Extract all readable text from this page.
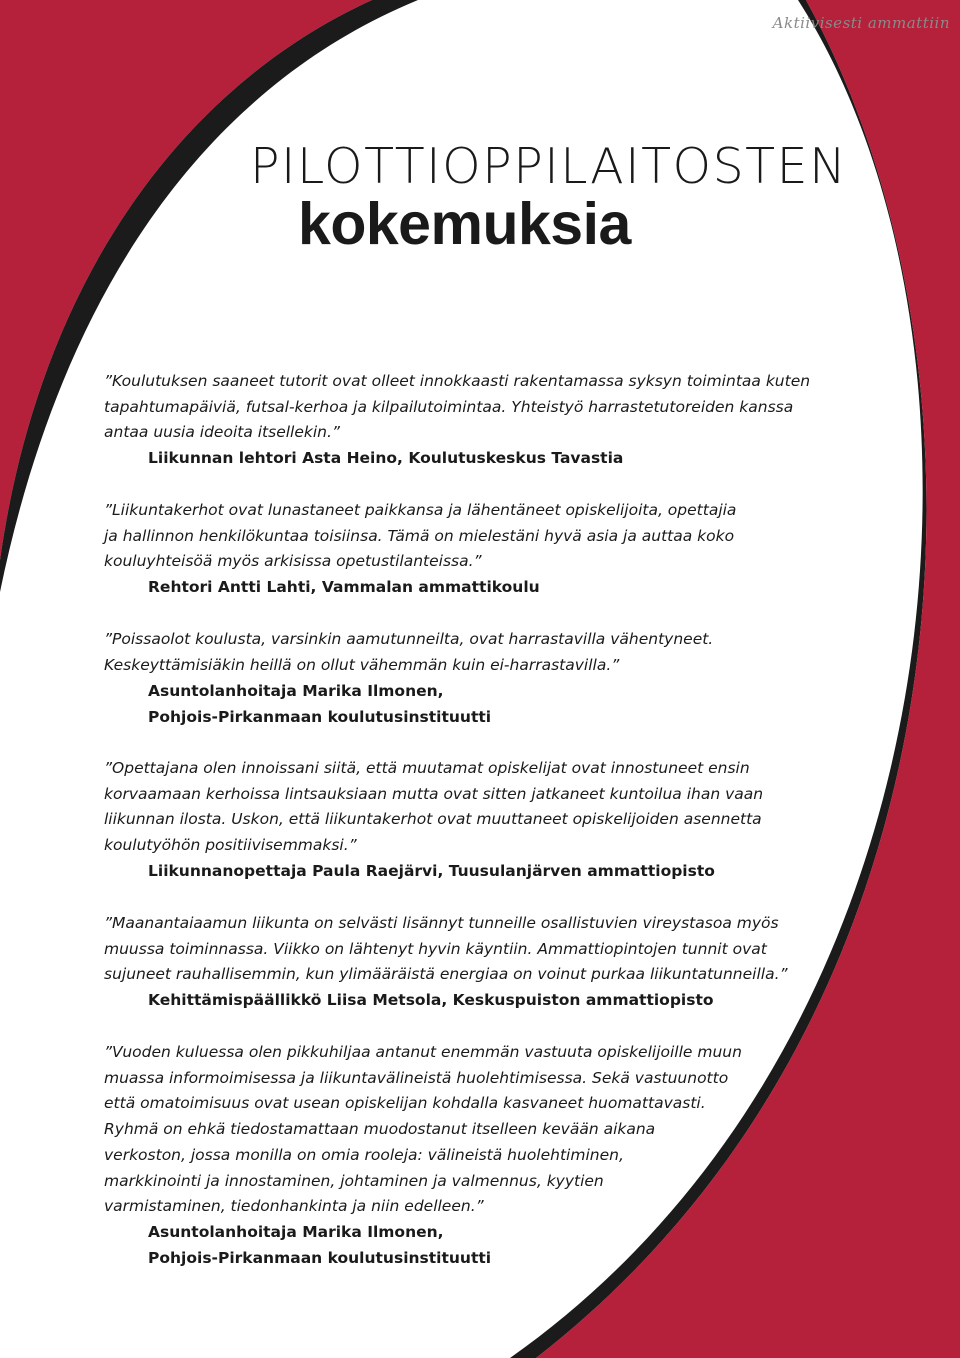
Aktiivisesti ammattiin
PILOTTIOPPILAITOSTEN
kokemuksia
”Koulutuksen saaneet tutorit ovat olleet innokkaasti rakentamassa syksyn toimintaa kuten
tapahtumapäiviä, futsal-kerhoa ja kilpailutoimintaa. Yhteistyö harrastetutoreiden kanssa
antaa uusia ideoita itsellekin.”
Liikunnan lehtori Asta Heino, Koulutuskeskus Tavastia
”Liikuntakerhot ovat lunastaneet paikkansa ja lähentäneet opiskelijoita, opettajia
ja hallinnon henkilökuntaa toisiinsa. Tämä on mielestäni hyvä asia ja auttaa koko
kouluyhteisöä myös arkisissa opetustilanteissa.”
Rehtori Antti Lahti, Vammalan ammattikoulu
”Poissaolot koulusta, varsinkin aamutunneilta, ovat harrastavilla vähentyneet.
Keskeyttämisiäkin heillä on ollut vähemmän kuin ei-harrastavilla.”
Asuntolanhoitaja Marika Ilmonen,
Pohjois-Pirkanmaan koulutusinstituutti
”Opettajana olen innoissani siitä, että muutamat opiskelijat ovat innostuneet ensin
korvaamaan kerhoissa lintsauksiaan mutta ovat sitten jatkaneet kuntoilua ihan vaan
liikunnan ilosta. Uskon, että liikuntakerhot ovat muuttaneet opiskelijoiden asennetta
koulutyöhön positiivisemmaksi.”
Liikunnanopettaja Paula Raejärvi, Tuusulanjärven ammattiopisto
”Maanantaiaamun liikunta on selvästi lisännyt tunneille osallistuvien vireystasoa myös
muussa toiminnassa. Viikko on lähtenyt hyvin käyntiin. Ammattiopintojen tunnit ovat
sujuneet rauhallisemmin, kun ylimääräistä energiaa on voinut purkaa liikuntatunneilla.”
Kehittämispäällikkö Liisa Metsola, Keskuspuiston ammattiopisto
”Vuoden kuluessa olen pikkuhiljaa antanut enemmän vastuuta opiskelijoille muun
muassa informoimisessa ja liikuntavälineistä huolehtimisessa. Sekä vastuunotto
että omatoimisuus ovat usean opiskelijan kohdalla kasvaneet huomattavasti.
Ryhmä on ehkä tiedostamattaan muodostanut itselleen kevään aikana
verkoston, jossa monilla on omia rooleja: välineistä huolehtiminen,
markkinointi ja innostaminen, johtaminen ja valmennus, kyytien
varmistaminen, tiedonhankinta ja niin edelleen.”
Asuntolanhoitaja Marika Ilmonen,
Pohjois-Pirkanmaan koulutusinstituutti
